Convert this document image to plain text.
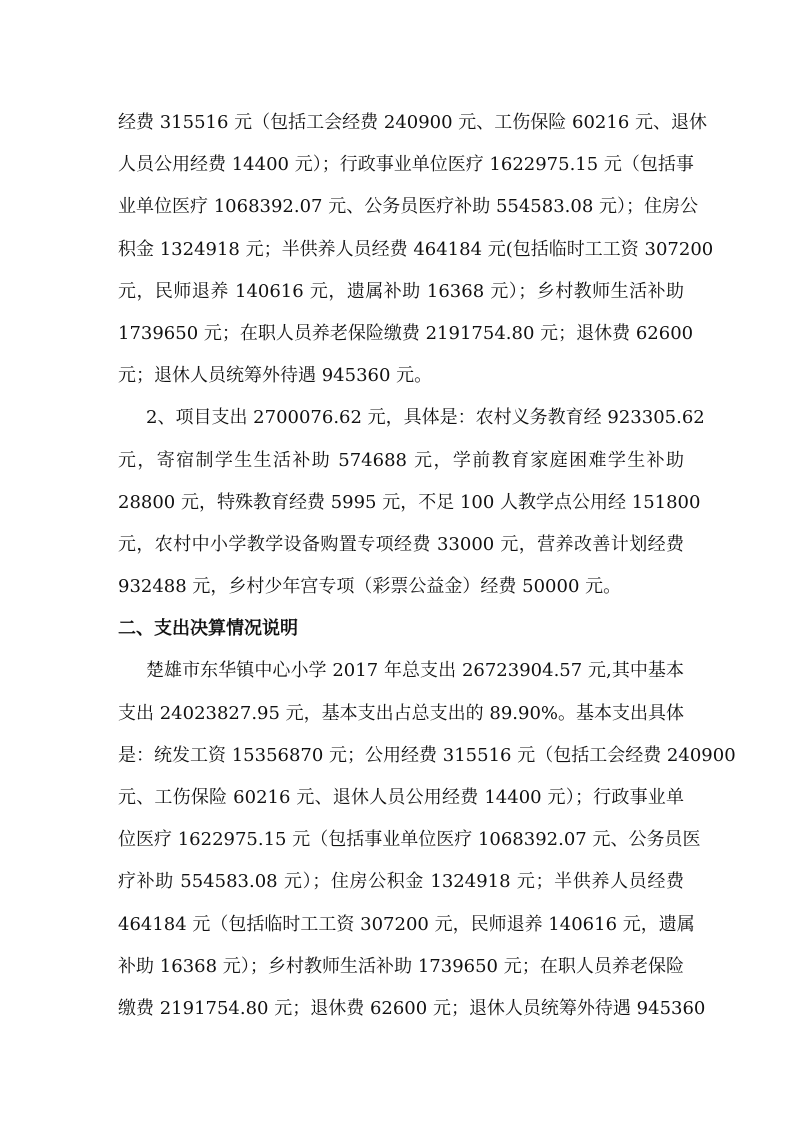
经费 315516 元（包括工会经费 240900 元、工伤保险 60216 元、退休
人员公用经费 14400 元）；行政事业单位医疗 1622975.15 元（包括事
业单位医疗 1068392.07 元、公务员医疗补助 554583.08 元）；住房公
积金 1324918 元；半供养人员经费 464184 元(包括临时工工资 307200
元，民师退养 140616 元，遗属补助 16368 元）；乡村教师生活补助
1739650 元；在职人员养老保险缴费 2191754.80 元；退休费 62600
元；退休人员统筹外待遇 945360 元。
2、项目支出 2700076.62 元，具体是：农村义务教育经 923305.62
元，寄宿制学生生活补助 574688 元，学前教育家庭困难学生补助
28800 元，特殊教育经费 5995 元，不足 100 人教学点公用经 151800
元，农村中小学教学设备购置专项经费 33000 元，营养改善计划经费
932488 元，乡村少年宫专项（彩票公益金）经费 50000 元。
二、支出决算情况说明
楚雄市东华镇中心小学 2017 年总支出 26723904.57 元,其中基本
支出 24023827.95 元，基本支出占总支出的 89.90%。基本支出具体
是：统发工资 15356870 元；公用经费 315516 元（包括工会经费 240900
元、工伤保险 60216 元、退休人员公用经费 14400 元）；行政事业单
位医疗 1622975.15 元（包括事业单位医疗 1068392.07 元、公务员医
疗补助 554583.08 元）；住房公积金 1324918 元；半供养人员经费
464184 元（包括临时工工资 307200 元，民师退养 140616 元，遗属
补助 16368 元）；乡村教师生活补助 1739650 元；在职人员养老保险
缴费 2191754.80 元；退休费 62600 元；退休人员统筹外待遇 945360
